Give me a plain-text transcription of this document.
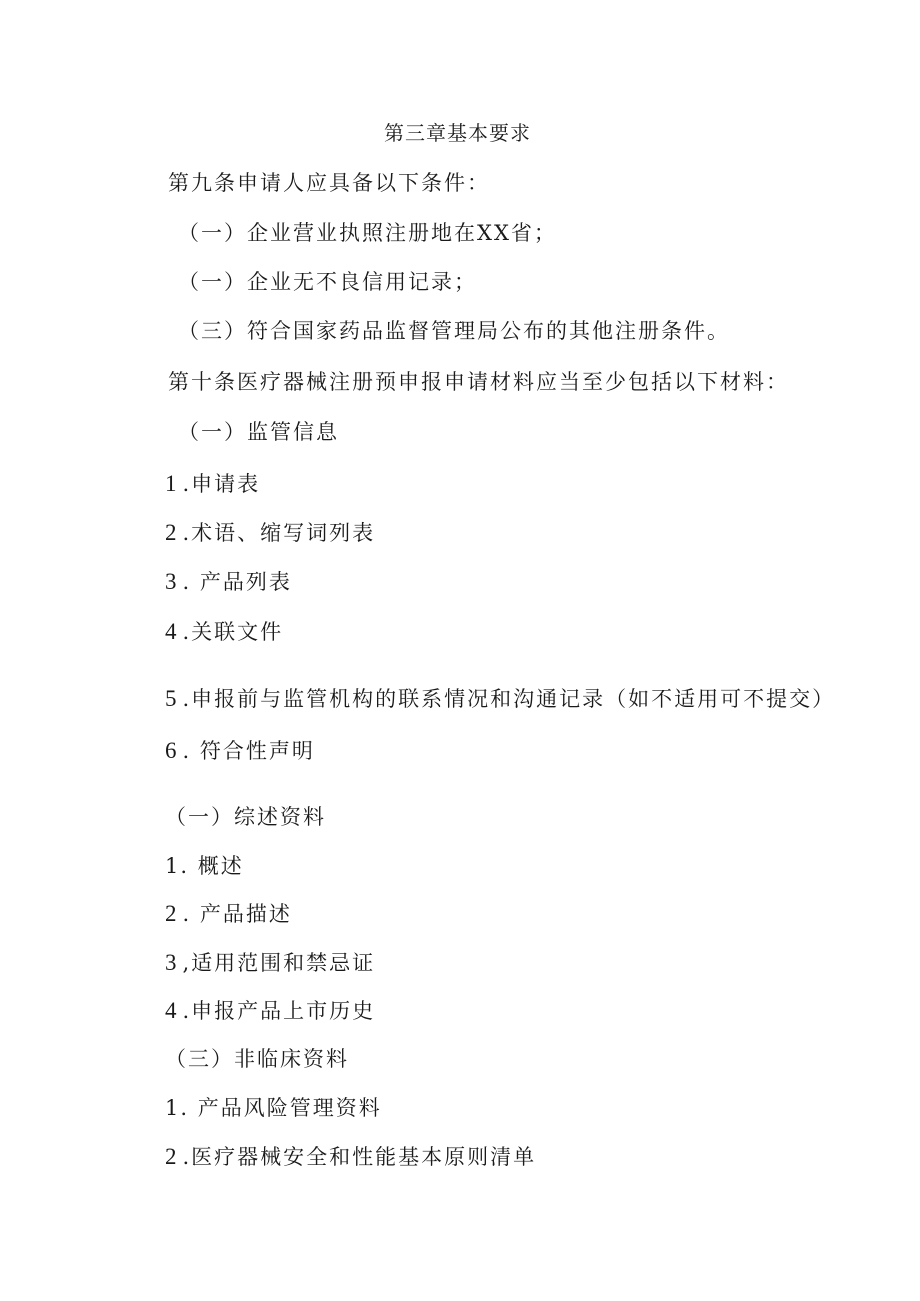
第三章基本要求
第九条申请人应具备以下条件：
（一）企业营业执照注册地在XX省；
（一）企业无不良信用记录；
（三）符合国家药品监督管理局公布的其他注册条件。
第十条医疗器械注册预申报申请材料应当至少包括以下材料：
（一）监管信息
1 .申请表
2 .术语、缩写词列表
3 . 产品列表
4 .关联文件
5 .申报前与监管机构的联系情况和沟通记录（如不适用可不提交）
6 . 符合性声明
（一）综述资料
1. 概述
2 . 产品描述
3 ,适用范围和禁忌证
4 .申报产品上市历史
（三）非临床资料
1. 产品风险管理资料
2 .医疗器械安全和性能基本原则清单
